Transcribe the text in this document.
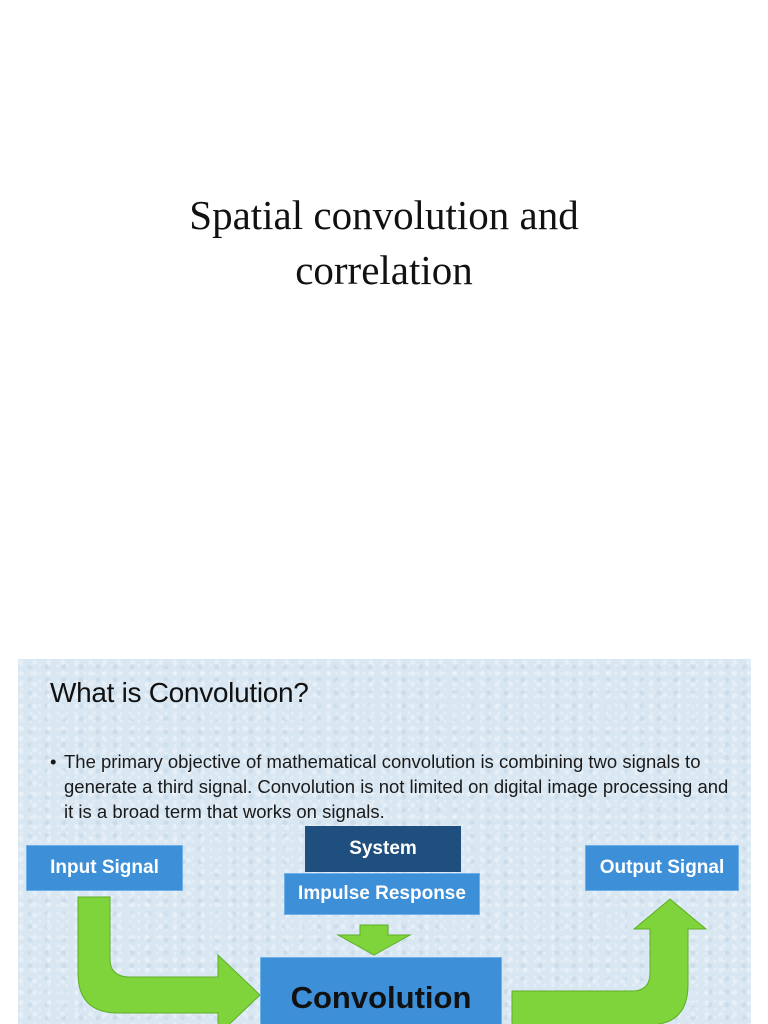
Spatial convolution and
correlation
What is Convolution?
• The primary objective of mathematical convolution is combining two signals to generate a third signal. Convolution is not limited on digital image processing and it is a broad term that works on signals.
Input Signal
System
Impulse Response
Convolution
Output Signal
